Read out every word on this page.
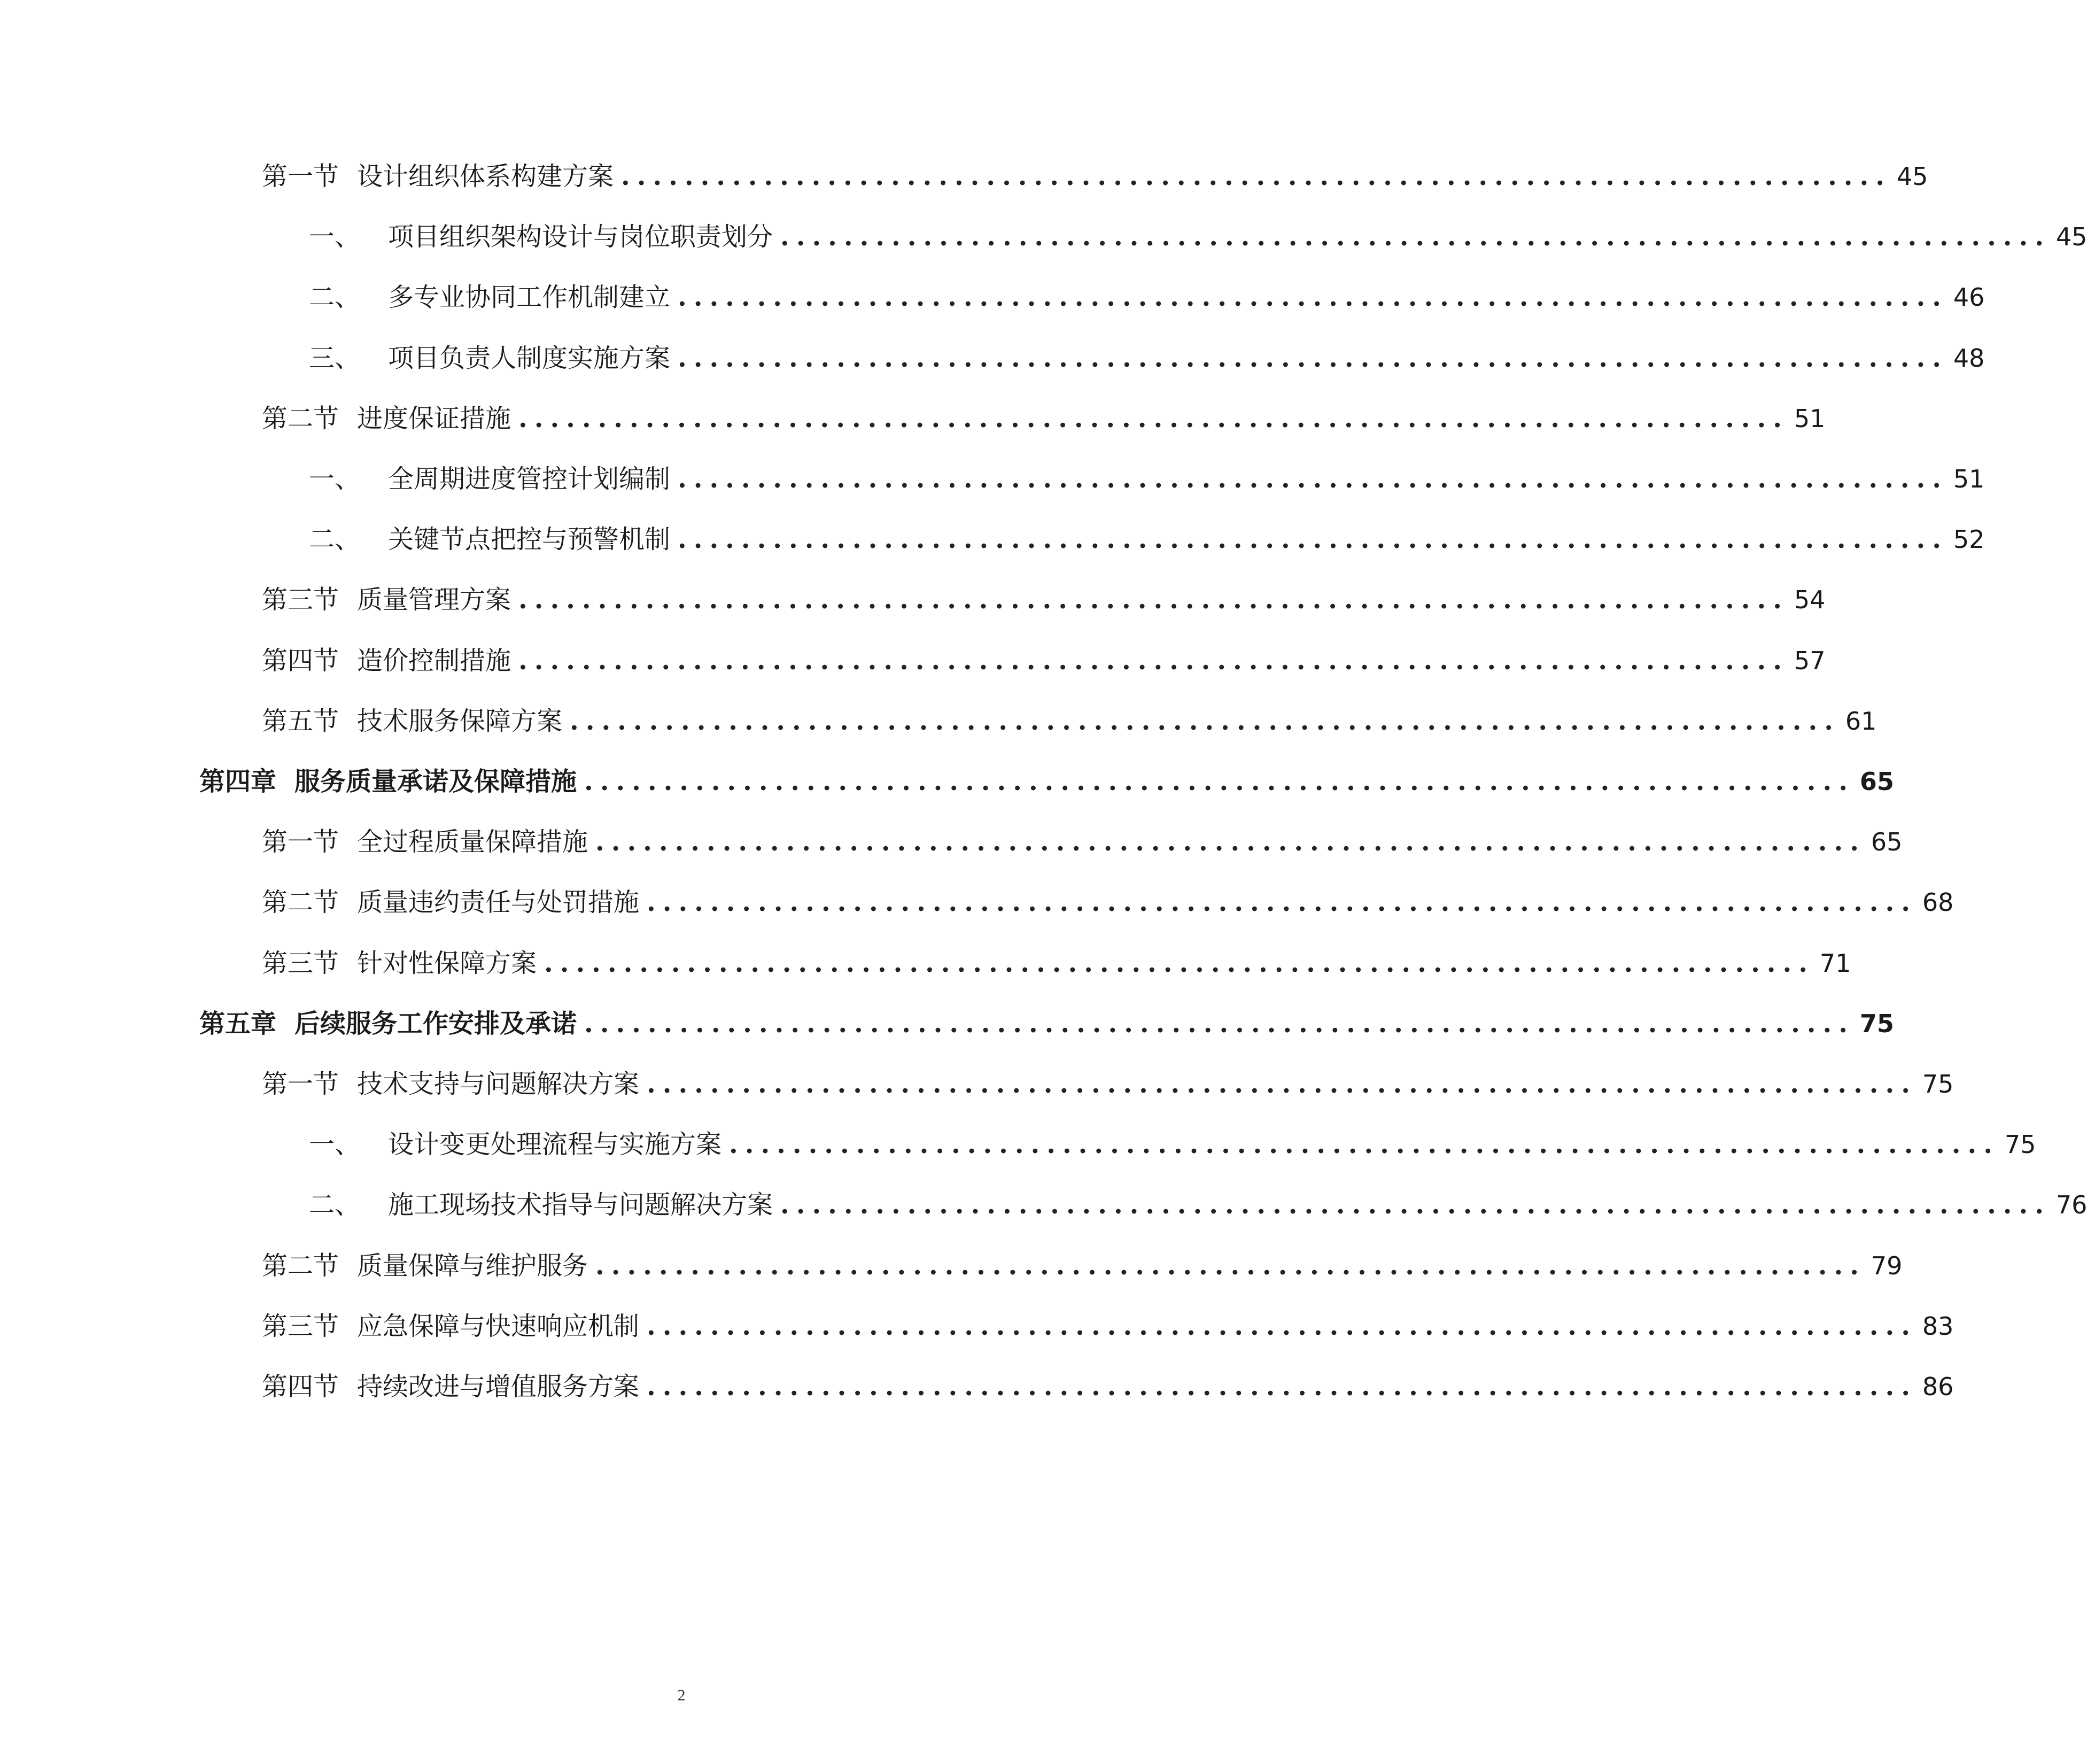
第一节 设计组织体系构建方案 ................................................................................ 45
一、 项目组织架构设计与岗位职责划分 ................................................................................ 45
二、 多专业协同工作机制建立 ................................................................................ 46
三、 项目负责人制度实施方案 ................................................................................ 48
第二节 进度保证措施 ................................................................................ 51
一、 全周期进度管控计划编制 ................................................................................ 51
二、 关键节点把控与预警机制 ................................................................................ 52
第三节 质量管理方案 ................................................................................ 54
第四节 造价控制措施 ................................................................................ 57
第五节 技术服务保障方案 ................................................................................ 61
第四章 服务质量承诺及保障措施 ................................................................................ 65
第一节 全过程质量保障措施 ................................................................................ 65
第二节 质量违约责任与处罚措施 ................................................................................ 68
第三节 针对性保障方案 ................................................................................ 71
第五章 后续服务工作安排及承诺 ................................................................................ 75
第一节 技术支持与问题解决方案 ................................................................................ 75
一、 设计变更处理流程与实施方案 ................................................................................ 75
二、 施工现场技术指导与问题解决方案 ................................................................................ 76
第二节 质量保障与维护服务 ................................................................................ 79
第三节 应急保障与快速响应机制 ................................................................................ 83
第四节 持续改进与增值服务方案 ................................................................................ 86
2
